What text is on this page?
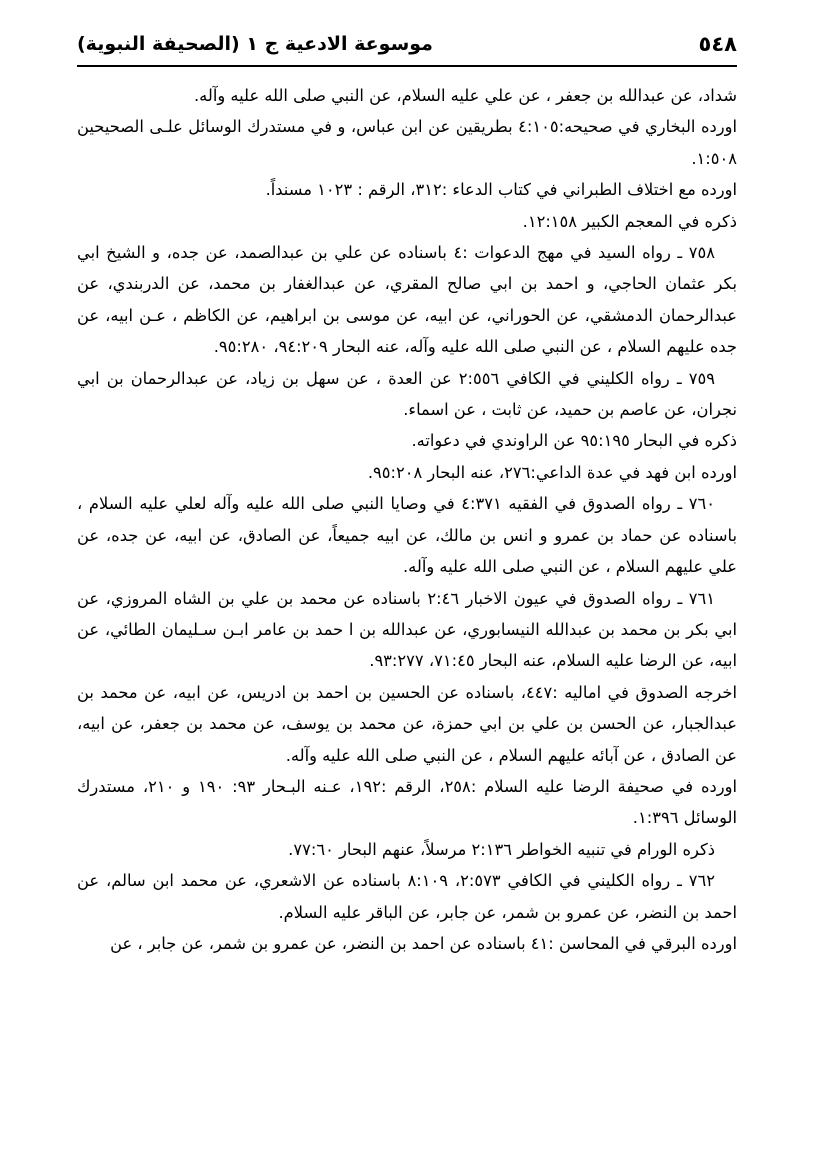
٥٤٨
موسوعة الادعية ج ١ (الصحيفة النبوية)

شداد، عن عبدالله بن جعفر ، عن علي عليه السلام، عن النبي صلى الله عليه وآله.

اورده البخاري في صحيحه:٤:١٠٥ بطريقين عن ابن عباس، و في مستدرك الوسائل علـى الصحيحين ١:٥٠٨.

اورده مع اختلاف الطبراني في كتاب الدعاء :٣١٢، الرقم : ١٠٢٣ مسنداً.

ذكره في المعجم الكبير ١٢:١٥٨.

٧٥٨ ـ رواه السيد في مهج الدعوات :٤ باسناده عن علي بن عبدالصمد، عن جده، و الشيخ ابي بكر عثمان الحاجي، و احمد بن ابي صالح المقري، عن عبدالغفار بن محمد، عن الدربندي، عن عبدالرحمان الدمشقي، عن الحوراني، عن ابيه، عن موسى بن ابراهيم، عن الكاظم ، عـن ابيه، عن جده عليهم السلام ، عن النبي صلى الله عليه وآله، عنه البحار ٩٤:٢٠٩، ٩٥:٢٨٠.

٧٥٩ ـ رواه الكليني في الكافي ٢:٥٥٦ عن العدة ، عن سهل بن زياد، عن عبدالرحمان بن ابي نجران، عن عاصم بن حميد، عن ثابت ، عن اسماء.

ذكره في البحار ٩٥:١٩٥ عن الراوندي في دعواته.

اورده ابن فهد في عدة الداعي:٢٧٦، عنه البحار ٩٥:٢٠٨.

٧٦٠ ـ رواه الصدوق في الفقيه ٤:٣٧١ في وصايا النبي صلى الله عليه وآله لعلي عليه السلام ، باسناده عن حماد بن عمرو و انس بن مالك، عن ابيه جميعاً، عن الصادق، عن ابيه، عن جده، عن علي عليهم السلام ، عن النبي صلى الله عليه وآله.

٧٦١ ـ رواه الصدوق في عيون الاخبار ٢:٤٦ باسناده عن محمد بن علي بن الشاه المروزي، عن ابي بكر بن محمد بن عبدالله النيسابوري، عن عبدالله بن ا حمد بن عامر ابـن سـليمان الطائي، عن ابيه، عن الرضا عليه السلام، عنه البحار ٧١:٤٥، ٩٣:٢٧٧.

اخرجه الصدوق في اماليه :٤٤٧، باسناده عن الحسين بن احمد بن ادريس، عن ابيه، عن محمد بن عبدالجبار، عن الحسن بن علي بن ابي حمزة، عن محمد بن يوسف، عن محمد بن جعفر، عن ابيه، عن الصادق ، عن آبائه عليهم السلام ، عن النبي صلى الله عليه وآله.

اورده في صحيفة الرضا عليه السلام :٢٥٨، الرقم :١٩٢، عـنه البـحار ٩٣: ١٩٠ و ٢١٠، مستدرك الوسائل ١:٣٩٦.

ذكره الورام في تنبيه الخواطر ٢:١٣٦ مرسلاً، عنهم البحار ٧٧:٦٠.

٧٦٢ ـ رواه الكليني في الكافي ٢:٥٧٣، ٨:١٠٩ باسناده عن الاشعري، عن محمد ابن سالم، عن احمد بن النضر، عن عمرو بن شمر، عن جابر، عن الباقر عليه السلام.

اورده البرقي في المحاسن :٤١ باسناده عن احمد بن النضر، عن عمرو بن شمر، عن جابر ، عن
